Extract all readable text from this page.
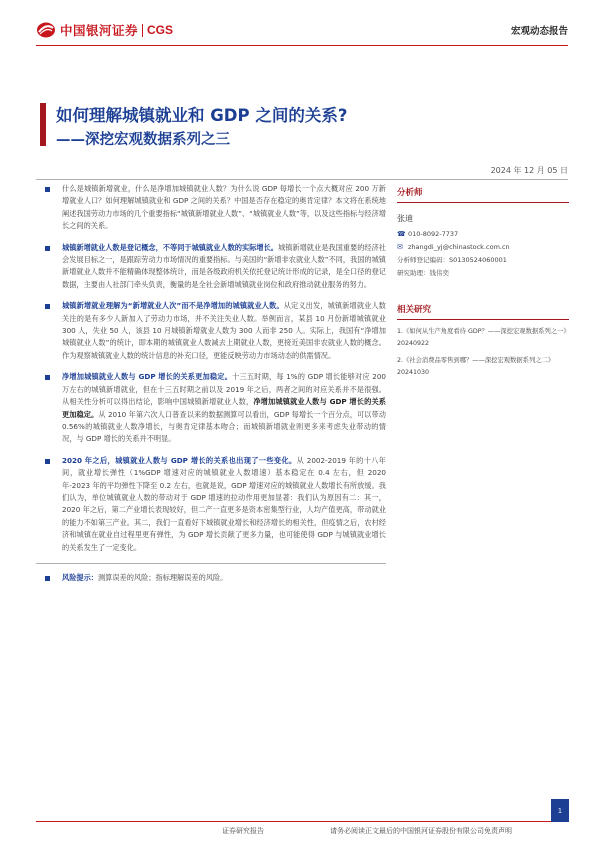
中国银河证券 CGS	宏观动态报告
如何理解城镇就业和 GDP 之间的关系?
——深挖宏观数据系列之三
2024 年 12 月 05 日
什么是城镇新增就业，什么是净增加城镇就业人数？为什么说 GDP 每增长一个点大概对应 200 万新增就业人口？如何理解城镇就业和 GDP 之间的关系？中国是否存在稳定的奥肯定律？本文将在系统地阐述我国劳动力市场的几个重要指标“城镇新增就业人数”、“城镇就业人数”等，以及这些指标与经济增长之间的关系。
城镇新增就业人数是登记概念，不等同于城镇就业人数的实际增长。城镇新增就业是我国重要的经济社会发展目标之一，是跟踪劳动力市场情况的重要指标。与美国的“新增非农就业人数”不同，我国的城镇新增就业人数并不能精确体现整体统计，而是各级政府机关依托登记统计形成的记录，是全口径的登记数据，主要由人社部门牵头负责，衡量的是全社会新增城镇就业岗位和政府推动就业服务的努力。
城镇新增就业理解为“新增就业人次”而不是净增加的城镇就业人数。从定义出发，城镇新增就业人数关注的是有多少人新加入了劳动力市场，并不关注失业人数。举例而言，某县 10 月份新增城镇就业 300 人，失业 50 人，该县 10 月城镇新增就业人数为 300 人而非 250 人。实际上，我国有“净增加城镇就业人数”的统计，即本期的城镇就业人数减去上期就业人数，更接近美国非农就业人数的概念。作为观察城镇就业人数的统计信息的补充口径，更能反映劳动力市场动态的供需情况。
净增加城镇就业人数与 GDP 增长的关系更加稳定。十三五时期，每 1%的 GDP 增长能够对应 200 万左右的城镇新增就业，但在十三五时期之前以及 2019 年之后，两者之间的对应关系并不是很强。从相关性分析可以得出结论，影响中国城镇新增就业人数，净增加城镇就业人数与 GDP 增长的关系更加稳定。从 2010 年第六次人口普查以来的数据测算可以看出，GDP 每增长一个百分点，可以带动 0.56%的城镇就业人数净增长，与奥肯定律基本吻合；而城镇新增就业则更多来考虑失业带动的情况，与 GDP 增长的关系并不明显。
2020 年之后，城镇就业人数与 GDP 增长的关系也出现了一些变化。从 2002-2019 年的十八年间，就业增长弹性（1%GDP 增速对应的城镇就业人数增速）基本稳定在 0.4 左右，但 2020 年-2023 年的平均弹性下降至 0.2 左右，也就是说，GDP 增速对应的城镇就业人数增长有所放缓。我们认为，单位城镇就业人数的带动对于 GDP 增速的拉动作用更加显著：我们认为原因有二：其一，2020 年之后，第二产业增长表现较好，但二产一直更多是资本密集型行业，人均产值更高，带动就业的能力不如第三产业。其二，我们一直看好下城镇就业增长和经济增长的相关性，但疫情之后，农村经济和城镇在就业自过程里更有弹性，为 GDP 增长贡献了更多力量，也可能使得 GDP 与城镇就业增长的关系发生了一定变化。
风险提示：测算误差的风险；指标理解误差的风险。
分析师
张迪
☎ 010-8092-7737
✉ zhangdi_yj@chinastock.com.cn
分析师登记编码：S0130524060001
研究助理：钱伟奕
相关研究
1.《如何从生产角度看待 GDP？——深挖宏观数据系列之一》20240922
2.《社会消费品零售到哪？——深挖宏观数据系列之二》20241030
证券研究报告	请务必阅读正文最后的中国银河证券股份有限公司免责声明
1
